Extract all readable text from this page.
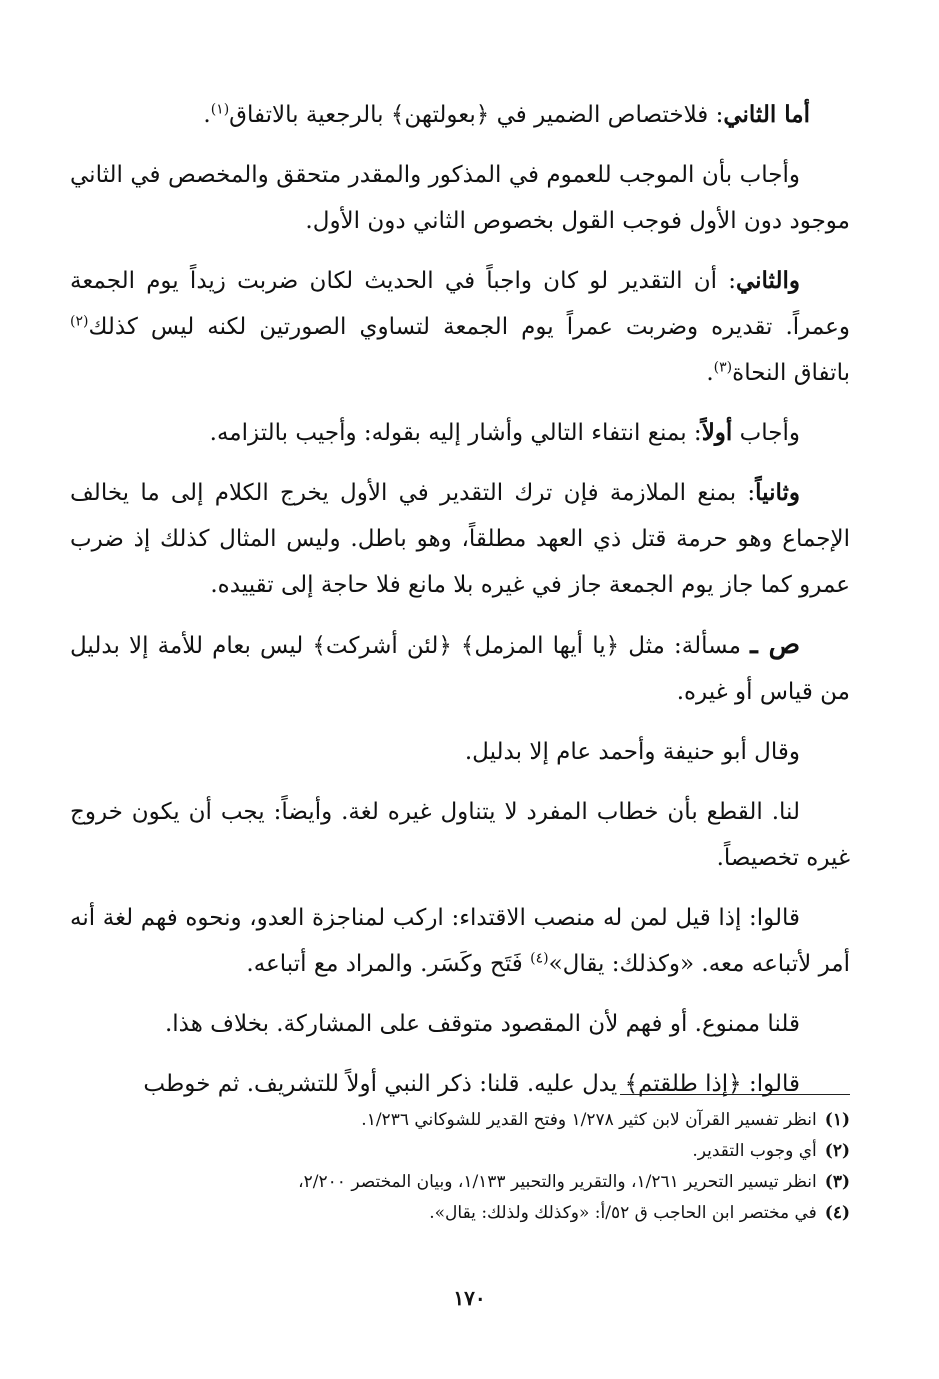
أما الثاني: فلاختصاص الضمير في ﴿بعولتهن﴾ بالرجعية بالاتفاق$^{(١)}$.

وأجاب بأن الموجب للعموم في المذكور والمقدر متحقق والمخصص في الثاني موجود دون الأول فوجب القول بخصوص الثاني دون الأول.

والثاني: أن التقدير لو كان واجباً في الحديث لكان ضربت زيداً يوم الجمعة وعمراً. تقديره وضربت عمراً يوم الجمعة لتساوي الصورتين لكنه ليس كذلك$^{(٢)}$ باتفاق النحاة$^{(٣)}$.

وأجاب أولاً: بمنع انتفاء التالي وأشار إليه بقوله: وأجيب بالتزامه.

وثانياً: بمنع الملازمة فإن ترك التقدير في الأول يخرج الكلام إلى ما يخالف الإجماع وهو حرمة قتل ذي العهد مطلقاً، وهو باطل. وليس المثال كذلك إذ ضرب عمرو كما جاز يوم الجمعة جاز في غيره بلا مانع فلا حاجة إلى تقييده.

ص ـ مسألة: مثل ﴿يا أيها المزمل﴾ ﴿لئن أشركت﴾ ليس بعام للأمة إلا بدليل من قياس أو غيره.

وقال أبو حنيفة وأحمد عام إلا بدليل.

لنا. القطع بأن خطاب المفرد لا يتناول غيره لغة. وأيضاً: يجب أن يكون خروج غيره تخصيصاً.

قالوا: إذا قيل لمن له منصب الاقتداء: اركب لمناجزة العدو، ونحوه فهم لغة أنه أمر لأتباعه معه. «وكذلك: يقال»$^{(٤)}$ فَتَح وكَسَر. والمراد مع أتباعه.

قلنا ممنوع. أو فهم لأن المقصود متوقف على المشاركة. بخلاف هذا.

قالوا: ﴿إذا طلقتم﴾ يدل عليه. قلنا: ذكر النبي أولاً للتشريف. ثم خوطب

(١)انظر تفسير القرآن لابن كثير ١/٢٧٨ وفتح القدير للشوكاني ١/٢٣٦.
(٢)أي وجوب التقدير.
(٣)انظر تيسير التحرير ١/٢٦١، والتقرير والتحبير ١/١٣٣، وبيان المختصر ٢/٢٠٠،
(٤)في مختصر ابن الحاجب ق ٥٢/أ: «وكذلك ولذلك: يقال».
١٧٠
